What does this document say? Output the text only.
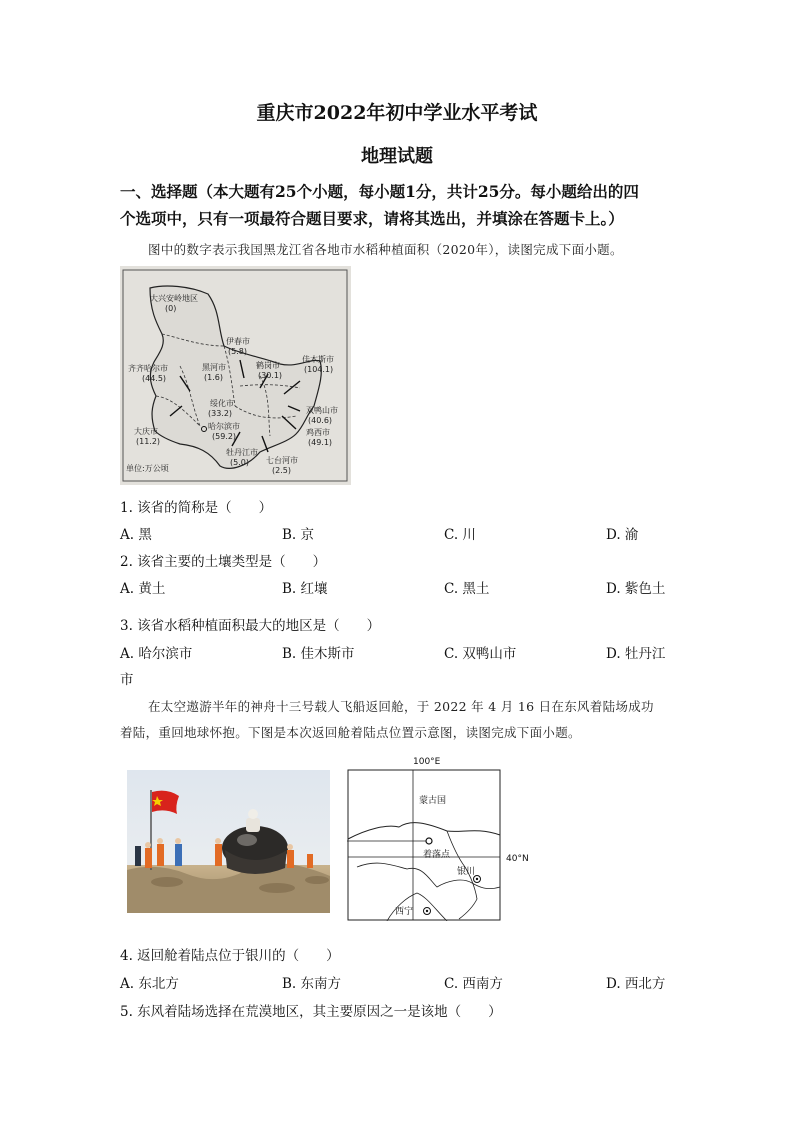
重庆市2022年初中学业水平考试
地理试题
一、选择题（本大题有25个小题，每小题1分，共计25分。每小题给出的四
个选项中，只有一项最符合题目要求，请将其选出，并填涂在答题卡上。）
图中的数字表示我国黑龙江省各地市水稻种植面积（2020年），读图完成下面小题。
大兴安岭地区
(0)
伊春市
(5.8)
齐齐哈尔市
(44.5)
黑河市
(1.6)
鹤岗市
(30.1)
佳木斯市
(104.1)
绥化市
(33.2)
哈尔滨市
(59.2)
双鸭山市
(40.6)
大庆市
(11.2)
鸡西市
(49.1)
牡丹江市
(5.0) 七台河市
(2.5)
单位:万公顷
1. 该省的简称是（　　）
A. 黑	B. 京	C. 川	D. 渝
2. 该省主要的土壤类型是（　　）
A. 黄土	B. 红壤	C. 黑土	D. 紫色土
3. 该省水稻种植面积最大的地区是（　　）
A. 哈尔滨市	B. 佳木斯市	C. 双鸭山市	D. 牡丹江
市
在太空遨游半年的神舟十三号载人飞船返回舱，于 2022 年 4 月 16 日在东风着陆场成功
着陆，重回地球怀抱。下图是本次返回舱着陆点位置示意图，读图完成下面小题。
蒙古国
着落点
银川
西宁
100°E
40°N
4. 返回舱着陆点位于银川的（　　）
A. 东北方	B. 东南方	C. 西南方	D. 西北方
5. 东风着陆场选择在荒漠地区，其主要原因之一是该地（　　）
